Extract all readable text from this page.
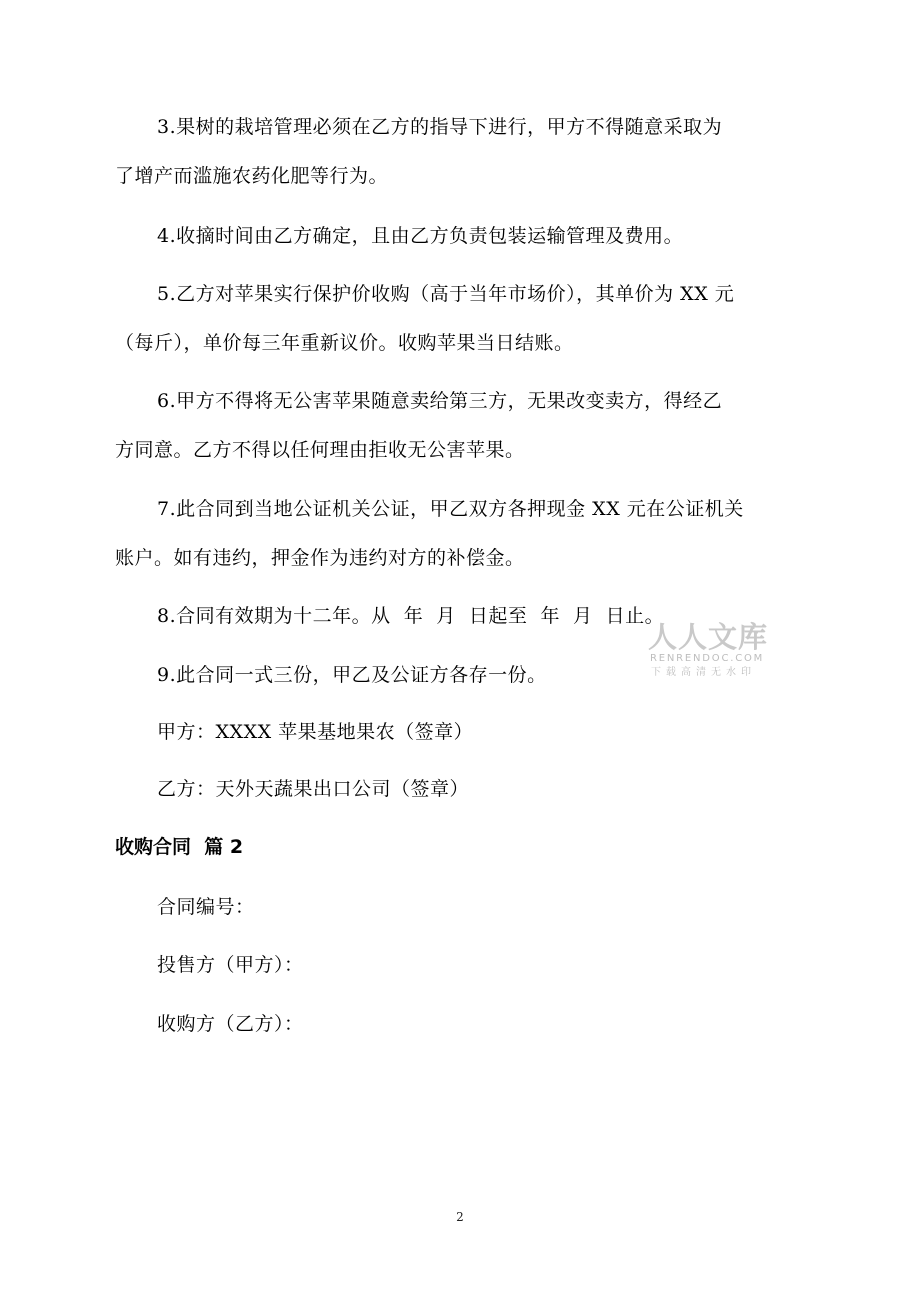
3.果树的栽培管理必须在乙方的指导下进行，甲方不得随意采取为
了增产而滥施农药化肥等行为。
4.收摘时间由乙方确定，且由乙方负责包装运输管理及费用。
5.乙方对苹果实行保护价收购（高于当年市场价），其单价为 XX 元
（每斤），单价每三年重新议价。收购苹果当日结账。
6.甲方不得将无公害苹果随意卖给第三方，无果改变卖方，得经乙
方同意。乙方不得以任何理由拒收无公害苹果。
7.此合同到当地公证机关公证，甲乙双方各押现金 XX 元在公证机关
账户。如有违约，押金作为违约对方的补偿金。
8.合同有效期为十二年。从  年  月  日起至  年  月  日止。
9.此合同一式三份，甲乙及公证方各存一份。
甲方：XXXX 苹果基地果农（签章）
乙方：天外天蔬果出口公司（签章）
收购合同  篇 2
合同编号：
投售方（甲方）：
收购方（乙方）：
人人文库
RENRENDOC.COM
下载高清无水印
2
